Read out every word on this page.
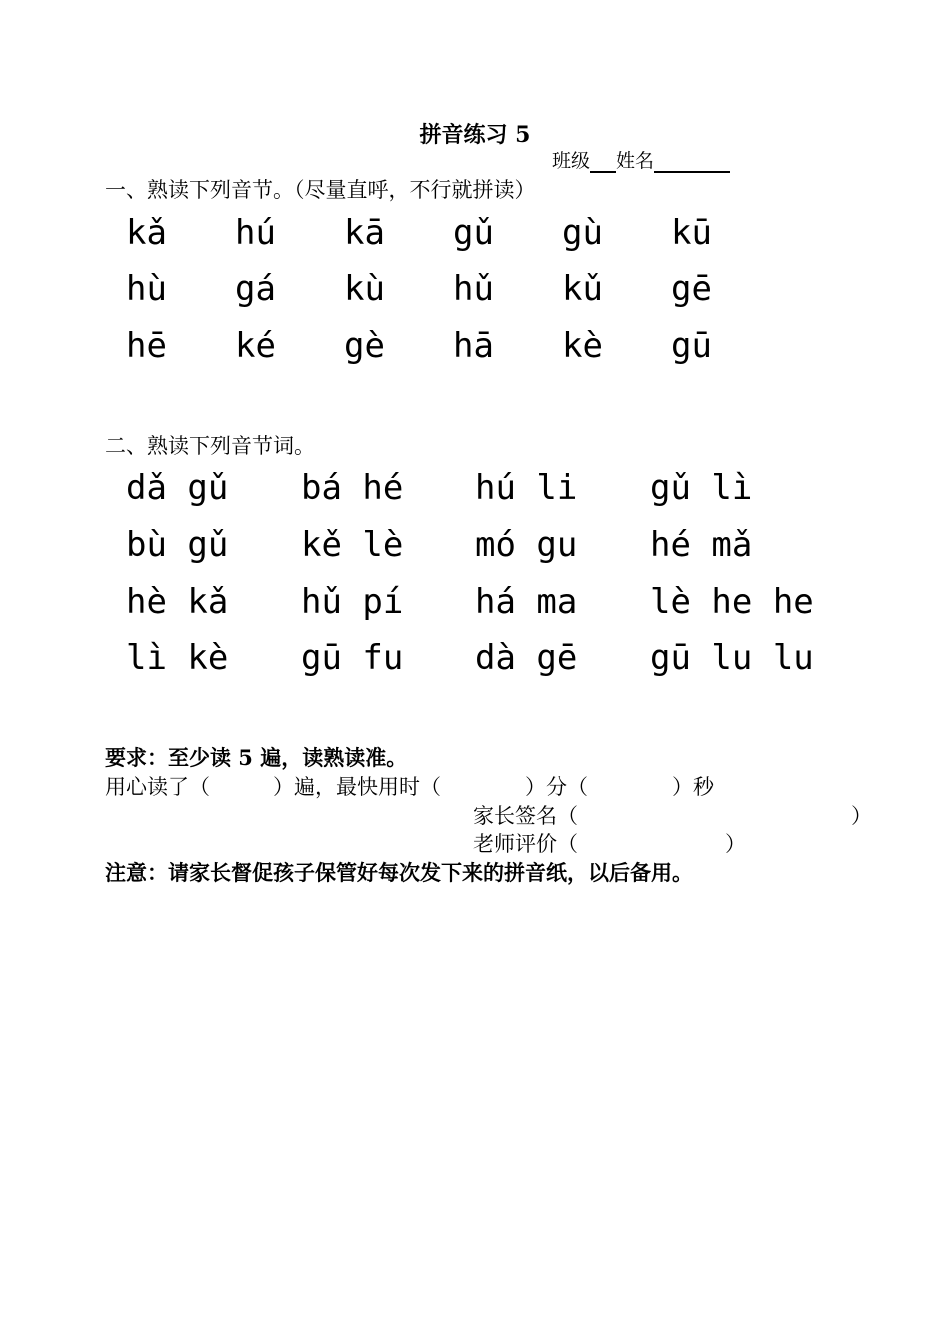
拼音练习 5
班级 姓名
一、熟读下列音节。（尽量直呼，不行就拼读）
kǎ hú kā gǔ gù kū
hù gá kù hǔ kǔ gē
hē ké gè hā kè gū
二、熟读下列音节词。
dǎ gǔ bá hé hú li gǔ lì
bù gǔ kě lè mó gu hé mǎ
hè kǎ hǔ pí há ma lè he he
lì kè gū fu dà gē gū lu lu
要求：至少读 5 遍，读熟读准。
用心读了（　　　）遍，最快用时（　　　　）分（　　　　）秒
家长签名（　　　　　　　　　　　　　）
老师评价（　　　　　　　）
注意：请家长督促孩子保管好每次发下来的拼音纸，以后备用。
